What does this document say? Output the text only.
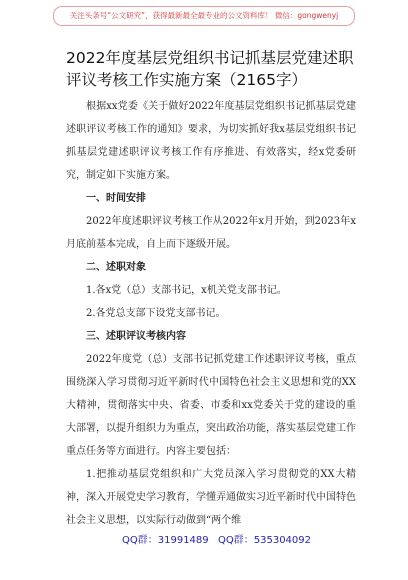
关注头条号“公文研究”，获得最新最全最专业的公文资料库！ 微信：gongwenyj
2022年度基层党组织书记抓基层党建述职评议考核工作实施方案（2165字）

根据xx党委《关于做好2022年度基层党组织书记抓基层党建述职评议考核工作的通知》要求，为切实抓好我x基层党组织书记抓基层党建述职评议考核工作有序推进、有效落实，经x党委研究，制定如下实施方案。

一、时间安排

2022年度述职评议考核工作从2022年x月开始，到2023年x月底前基本完成，自上而下逐级开展。

二、述职对象

1.各x党（总）支部书记，x机关党支部书记。

2.各党总支部下设党支部书记。

三、述职评议考核内容

2022年度党（总）支部书记抓党建工作述职评议考核，重点围绕深入学习贯彻习近平新时代中国特色社会主义思想和党的XX大精神，贯彻落实中央、省委、市委和xx党委关于党的建设的重大部署，以提升组织力为重点，突出政治功能，落实基层党建工作重点任务等方面进行。内容主要包括：

1.把推动基层党组织和广大党员深入学习贯彻党的XX大精神，深入开展党史学习教育，学懂弄通做实习近平新时代中国特色社会主义思想，以实际行动做到“两个维

QQ群：31991489 QQ群：535304092
